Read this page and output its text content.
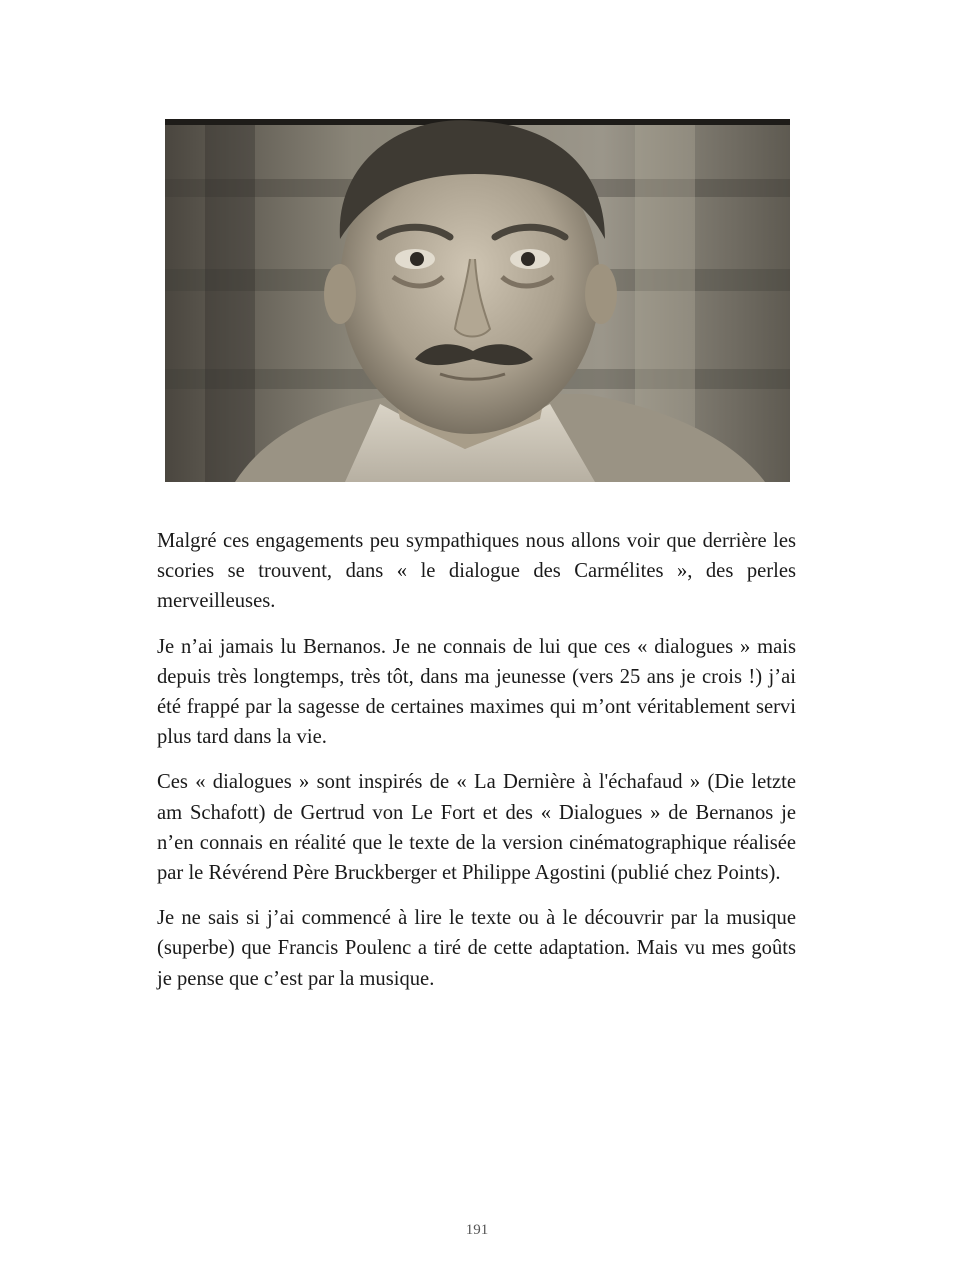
Malgré ces engagements peu sympathiques nous allons voir que derrière les scories se trouvent, dans « le dialogue des Carmélites », des perles merveilleuses.

Je n’ai jamais lu Bernanos. Je ne connais de lui que ces « dialogues » mais depuis très longtemps, très tôt, dans ma jeunesse (vers 25 ans je crois !) j’ai été frappé par la sagesse de certaines maximes qui m’ont véritablement servi plus tard dans la vie.

Ces « dialogues » sont inspirés de « La Dernière à l'échafaud » (Die letzte am Schafott) de Gertrud von Le Fort et des « Dialogues » de Bernanos je n’en connais en réalité que le texte de la version cinématographique réalisée par le Révérend Père Bruckberger et Philippe Agostini (publié chez Points).

Je ne sais si j’ai commencé à lire le texte ou à le découvrir par la musique (superbe) que Francis Poulenc a tiré de cette adaptation. Mais vu mes goûts je pense que c’est par la musique.

191
